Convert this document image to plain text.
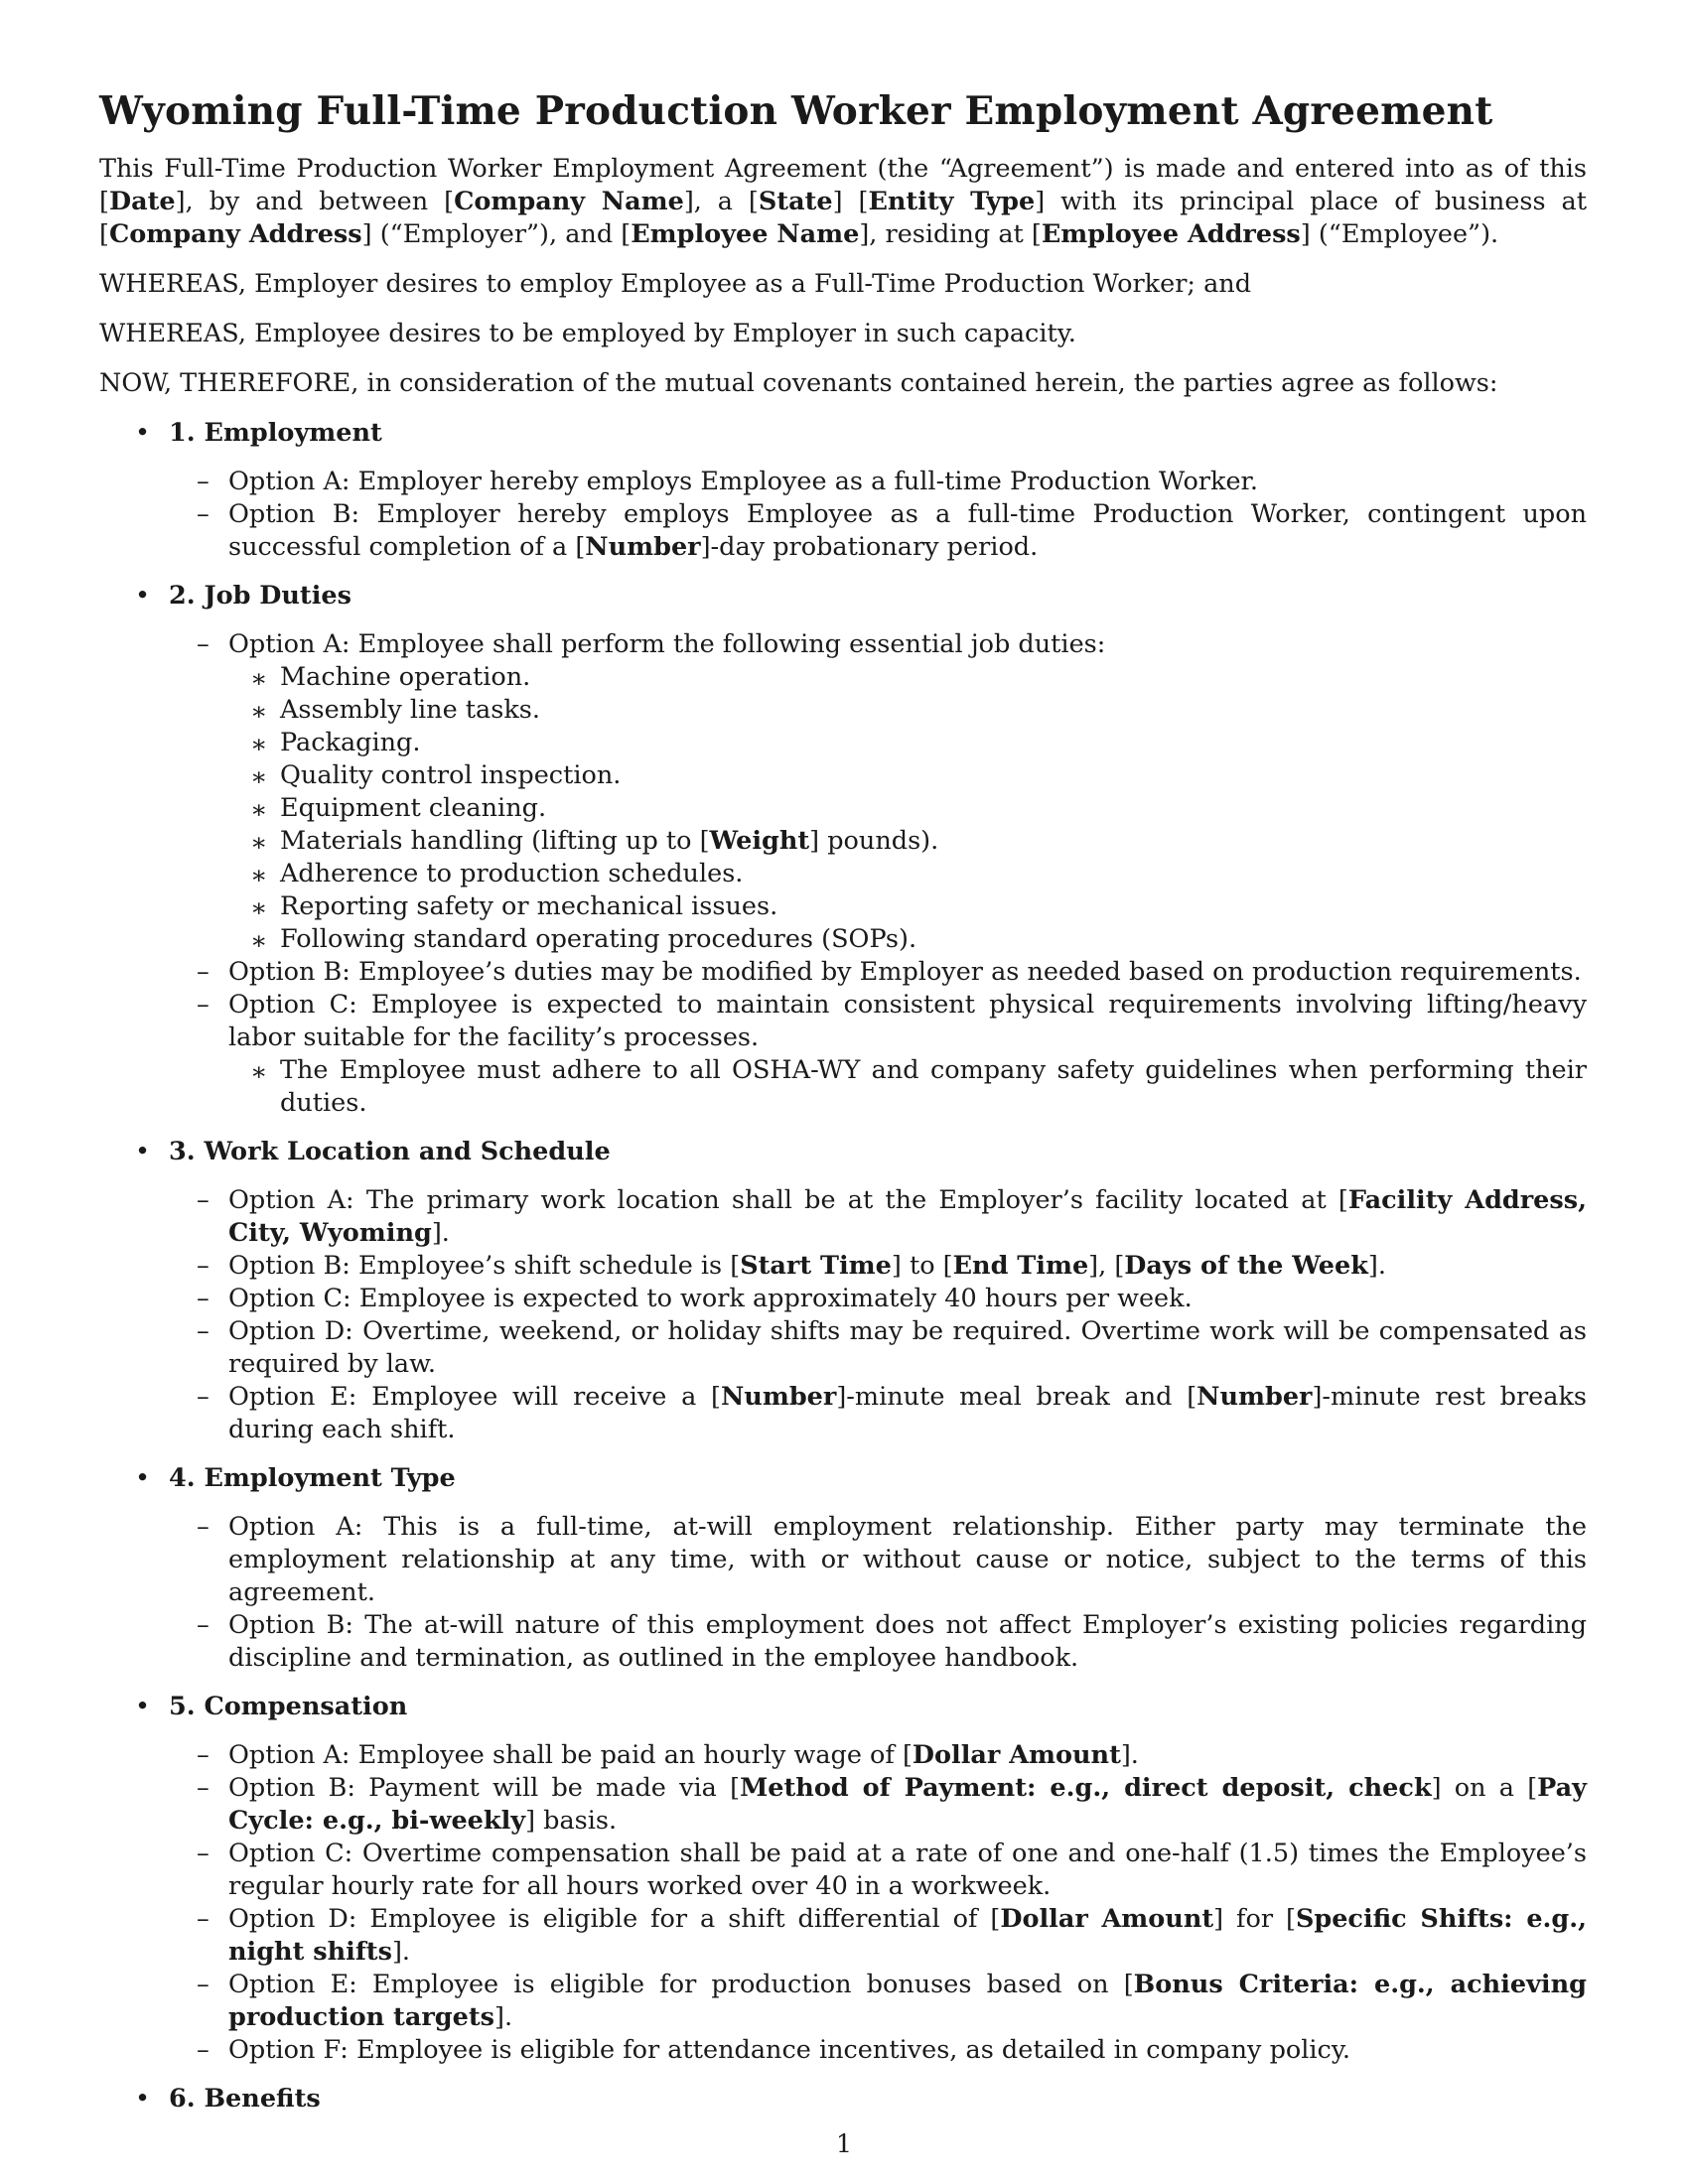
Wyoming Full-Time Production Worker Employment Agreement

This Full-Time Production Worker Employment Agreement (the “Agreement”) is made and entered into as of this [Date], by and between [Company Name], a [State] [Entity Type] with its principal place of business at [Company Address] (“Employer”), and [Employee Name], residing at [Employee Address] (“Employee”).

WHEREAS, Employer desires to employ Employee as a Full-Time Production Worker; and

WHEREAS, Employee desires to be employed by Employer in such capacity.

NOW, THEREFORE, in consideration of the mutual covenants contained herein, the parties agree as follows:

• 1. Employment
– Option A: Employer hereby employs Employee as a full-time Production Worker.
– Option B: Employer hereby employs Employee as a full-time Production Worker, contingent upon successful completion of a [Number]-day probationary period.
• 2. Job Duties
– Option A: Employee shall perform the following essential job duties:
∗ Machine operation.
∗ Assembly line tasks.
∗ Packaging.
∗ Quality control inspection.
∗ Equipment cleaning.
∗ Materials handling (lifting up to [Weight] pounds).
∗ Adherence to production schedules.
∗ Reporting safety or mechanical issues.
∗ Following standard operating procedures (SOPs).
– Option B: Employee’s duties may be modified by Employer as needed based on production requirements.
– Option C: Employee is expected to maintain consistent physical requirements involving lifting/heavy labor suitable for the facility’s processes.
∗ The Employee must adhere to all OSHA-WY and company safety guidelines when performing their duties.
• 3. Work Location and Schedule
– Option A: The primary work location shall be at the Employer’s facility located at [Facility Address, City, Wyoming].
– Option B: Employee’s shift schedule is [Start Time] to [End Time], [Days of the Week].
– Option C: Employee is expected to work approximately 40 hours per week.
– Option D: Overtime, weekend, or holiday shifts may be required. Overtime work will be compensated as required by law.
– Option E: Employee will receive a [Number]-minute meal break and [Number]-minute rest breaks during each shift.
• 4. Employment Type
– Option A: This is a full-time, at-will employment relationship. Either party may terminate the employment relationship at any time, with or without cause or notice, subject to the terms of this agreement.
– Option B: The at-will nature of this employment does not affect Employer’s existing policies regarding discipline and termination, as outlined in the employee handbook.
• 5. Compensation
– Option A: Employee shall be paid an hourly wage of [Dollar Amount].
– Option B: Payment will be made via [Method of Payment: e.g., direct deposit, check] on a [Pay Cycle: e.g., bi-weekly] basis.
– Option C: Overtime compensation shall be paid at a rate of one and one-half (1.5) times the Employee’s regular hourly rate for all hours worked over 40 in a workweek.
– Option D: Employee is eligible for a shift differential of [Dollar Amount] for [Specific Shifts: e.g., night shifts].
– Option E: Employee is eligible for production bonuses based on [Bonus Criteria: e.g., achieving production targets].
– Option F: Employee is eligible for attendance incentives, as detailed in company policy.
• 6. Benefits
1
